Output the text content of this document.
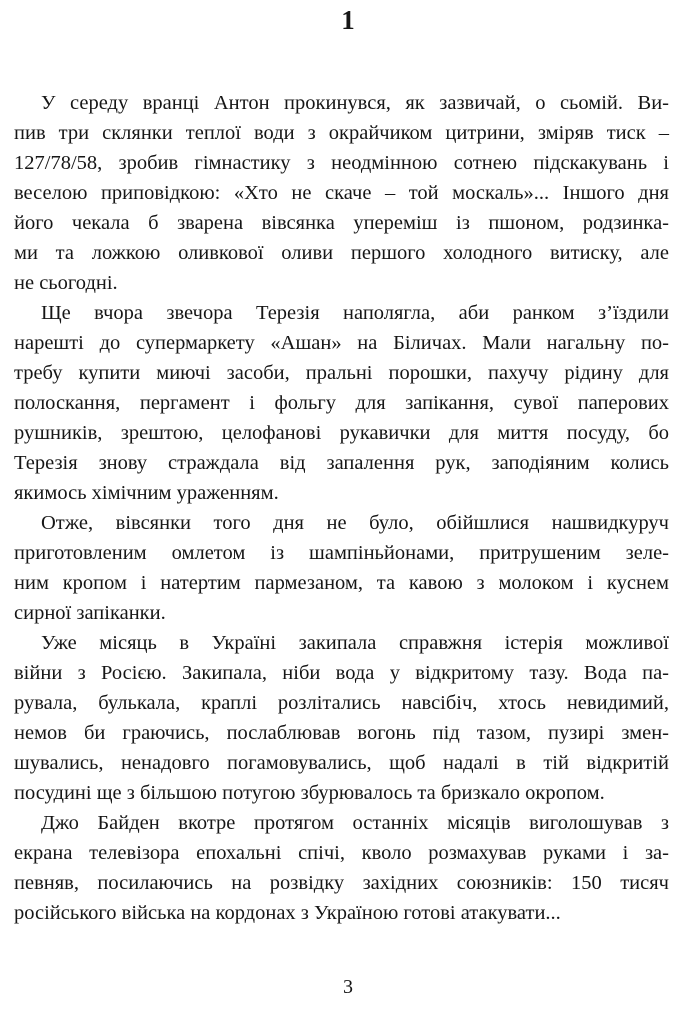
1
У середу вранці Антон прокинувся, як зазвичай, о сьомій. Ви-
пив три склянки теплої води з окрайчиком цитрини, зміряв тиск –
127/78/58, зробив гімнастику з неодмінною сотнею підскакувань і
веселою приповідкою: «Хто не скаче – той москаль»... Іншого дня
його чекала б зварена вівсянка упереміш із пшоном, родзинка-
ми та ложкою оливкової оливи першого холодного витиску, але
не сьогодні.
Ще вчора звечора Терезія наполягла, аби ранком з’їздили
нарешті до супермаркету «Ашан» на Біличах. Мали нагальну по-
требу купити миючі засоби, пральні порошки, пахучу рідину для
полоскання, пергамент і фольгу для запікання, сувої паперових
рушників, зрештою, целофанові рукавички для миття посуду, бо
Терезія знову страждала від запалення рук, заподіяним колись
якимось хімічним ураженням.
Отже, вівсянки того дня не було, обійшлися нашвидкуруч
приготовленим омлетом із шампіньйонами, притрушеним зеле-
ним кропом і натертим пармезаном, та кавою з молоком і куснем
сирної запіканки.
Уже місяць в Україні закипала справжня істерія можливої
війни з Росією. Закипала, ніби вода у відкритому тазу. Вода па-
рувала, булькала, краплі розлітались навсібіч, хтось невидимий,
немов би граючись, послаблював вогонь під тазом, пузирі змен-
шувались, ненадовго погамовувались, щоб надалі в тій відкритій
посудині ще з більшою потугою збурювалось та бризкало окропом.
Джо Байден вкотре протягом останніх місяців виголошував з
екрана телевізора епохальні спічі, кволо розмахував руками і за-
певняв, посилаючись на розвідку західних союзників: 150 тисяч
російського війська на кордонах з Україною готові атакувати...
3
